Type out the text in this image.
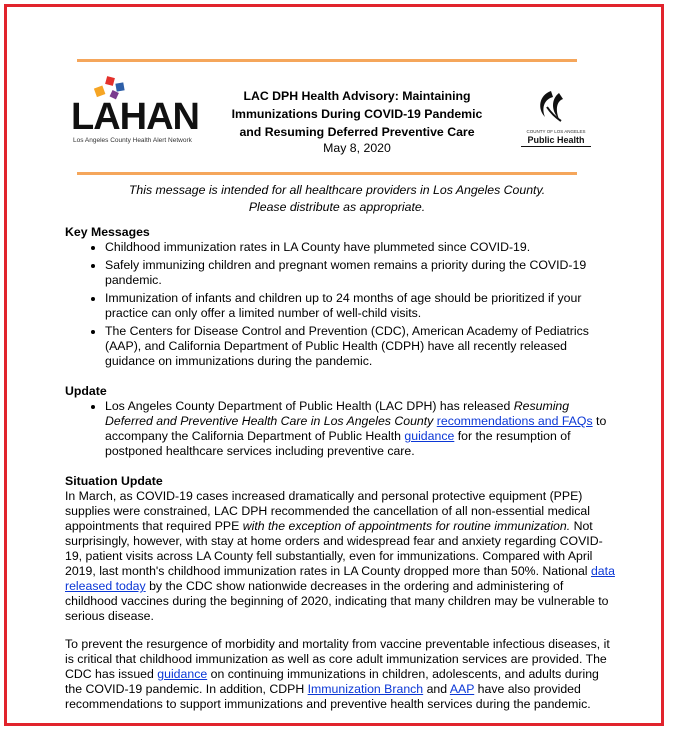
LAHAN
Los Angeles County Health Alert Network
LAC DPH Health Advisory: Maintaining
Immunizations During COVID-19 Pandemic
and Resuming Deferred Preventive Care
May 8, 2020
COUNTY OF LOS ANGELES
Public Health
This message is intended for all healthcare providers in Los Angeles County.
Please distribute as appropriate.
Key Messages
• Childhood immunization rates in LA County have plummeted since COVID-19.
• Safely immunizing children and pregnant women remains a priority during the COVID-19 pandemic.
• Immunization of infants and children up to 24 months of age should be prioritized if your practice can only offer a limited number of well-child visits.
• The Centers for Disease Control and Prevention (CDC), American Academy of Pediatrics (AAP), and California Department of Public Health (CDPH) have all recently released guidance on immunizations during the pandemic.
Update
• Los Angeles County Department of Public Health (LAC DPH) has released Resuming Deferred and Preventive Health Care in Los Angeles County recommendations and FAQs to accompany the California Department of Public Health guidance for the resumption of postponed healthcare services including preventive care.
Situation Update

In March, as COVID-19 cases increased dramatically and personal protective equipment (PPE) supplies were constrained, LAC DPH recommended the cancellation of all non-essential medical appointments that required PPE with the exception of appointments for routine immunization. Not surprisingly, however, with stay at home orders and widespread fear and anxiety regarding COVID-19, patient visits across LA County fell substantially, even for immunizations. Compared with April 2019, last month's childhood immunization rates in LA County dropped more than 50%. National data released today by the CDC show nationwide decreases in the ordering and administering of childhood vaccines during the beginning of 2020, indicating that many children may be vulnerable to serious disease.

To prevent the resurgence of morbidity and mortality from vaccine preventable infectious diseases, it is critical that childhood immunization as well as core adult immunization services are provided. The CDC has issued guidance on continuing immunizations in children, adolescents, and adults during the COVID-19 pandemic. In addition, CDPH Immunization Branch and AAP have also provided recommendations to support immunizations and preventive health services during the pandemic.
